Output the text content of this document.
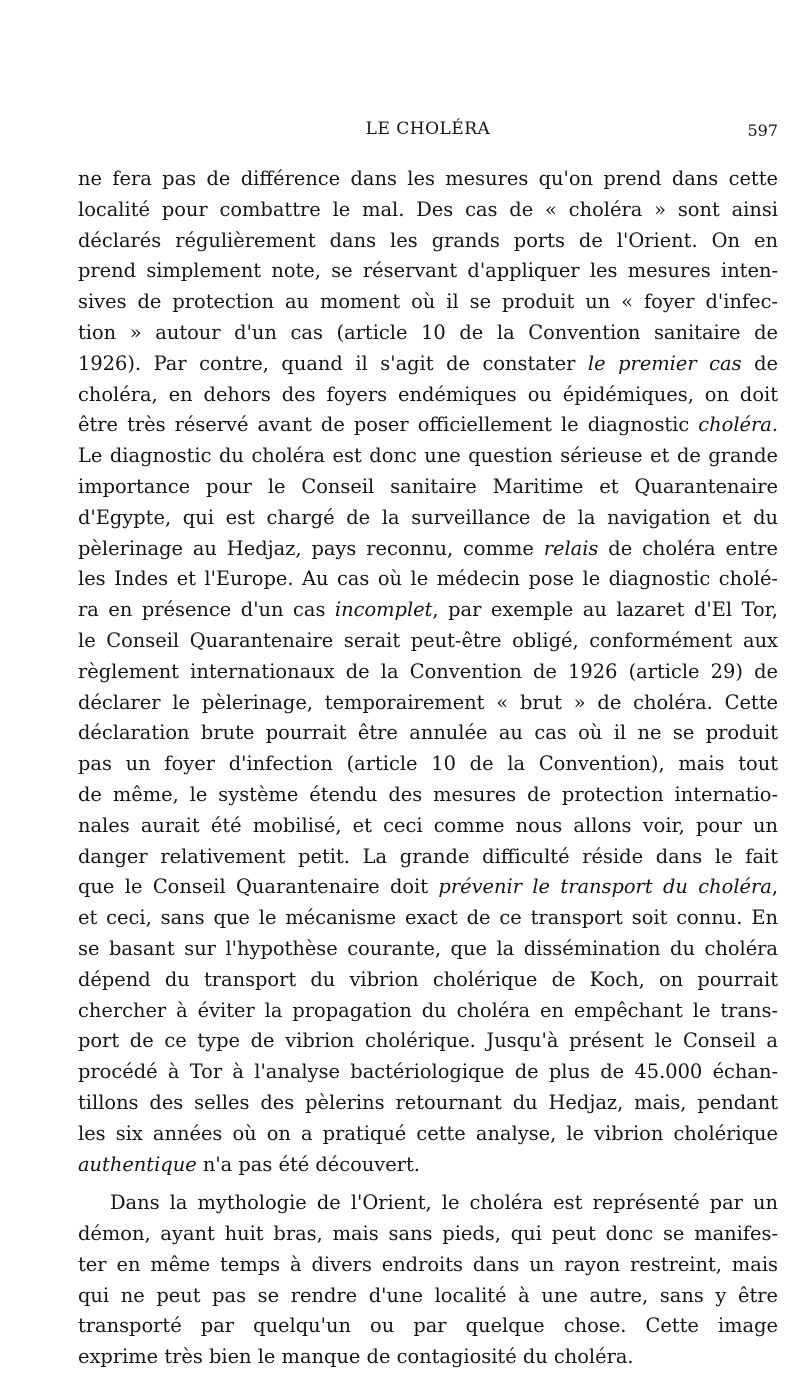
LE CHOLÉRA	597
ne fera pas de différence dans les mesures qu'on prend dans cette
localité pour combattre le mal. Des cas de « choléra » sont ainsi
déclarés régulièrement dans les grands ports de l'Orient. On en
prend simplement note, se réservant d'appliquer les mesures inten-
sives de protection au moment où il se produit un « foyer d'infec-
tion » autour d'un cas (article 10 de la Convention sanitaire de
1926). Par contre, quand il s'agit de constater le premier cas de
choléra, en dehors des foyers endémiques ou épidémiques, on doit
être très réservé avant de poser officiellement le diagnostic choléra.
Le diagnostic du choléra est donc une question sérieuse et de grande
importance pour le Conseil sanitaire Maritime et Quarantenaire
d'Egypte, qui est chargé de la surveillance de la navigation et du
pèlerinage au Hedjaz, pays reconnu, comme relais de choléra entre
les Indes et l'Europe. Au cas où le médecin pose le diagnostic cholé-
ra en présence d'un cas incomplet, par exemple au lazaret d'El Tor,
le Conseil Quarantenaire serait peut-être obligé, conformément aux
règlement internationaux de la Convention de 1926 (article 29) de
déclarer le pèlerinage, temporairement « brut » de choléra. Cette
déclaration brute pourrait être annulée au cas où il ne se produit
pas un foyer d'infection (article 10 de la Convention), mais tout
de même, le système étendu des mesures de protection internatio-
nales aurait été mobilisé, et ceci comme nous allons voir, pour un
danger relativement petit. La grande difficulté réside dans le fait
que le Conseil Quarantenaire doit prévenir le transport du choléra,
et ceci, sans que le mécanisme exact de ce transport soit connu. En
se basant sur l'hypothèse courante, que la dissémination du choléra
dépend du transport du vibrion cholérique de Koch, on pourrait
chercher à éviter la propagation du choléra en empêchant le trans-
port de ce type de vibrion cholérique. Jusqu'à présent le Conseil a
procédé à Tor à l'analyse bactériologique de plus de 45.000 échan-
tillons des selles des pèlerins retournant du Hedjaz, mais, pendant
les six années où on a pratiqué cette analyse, le vibrion cholérique
authentique n'a pas été découvert.
Dans la mythologie de l'Orient, le choléra est représenté par un
démon, ayant huit bras, mais sans pieds, qui peut donc se manifes-
ter en même temps à divers endroits dans un rayon restreint, mais
qui ne peut pas se rendre d'une localité à une autre, sans y être
transporté par quelqu'un ou par quelque chose. Cette image
exprime très bien le manque de contagiosité du choléra.
